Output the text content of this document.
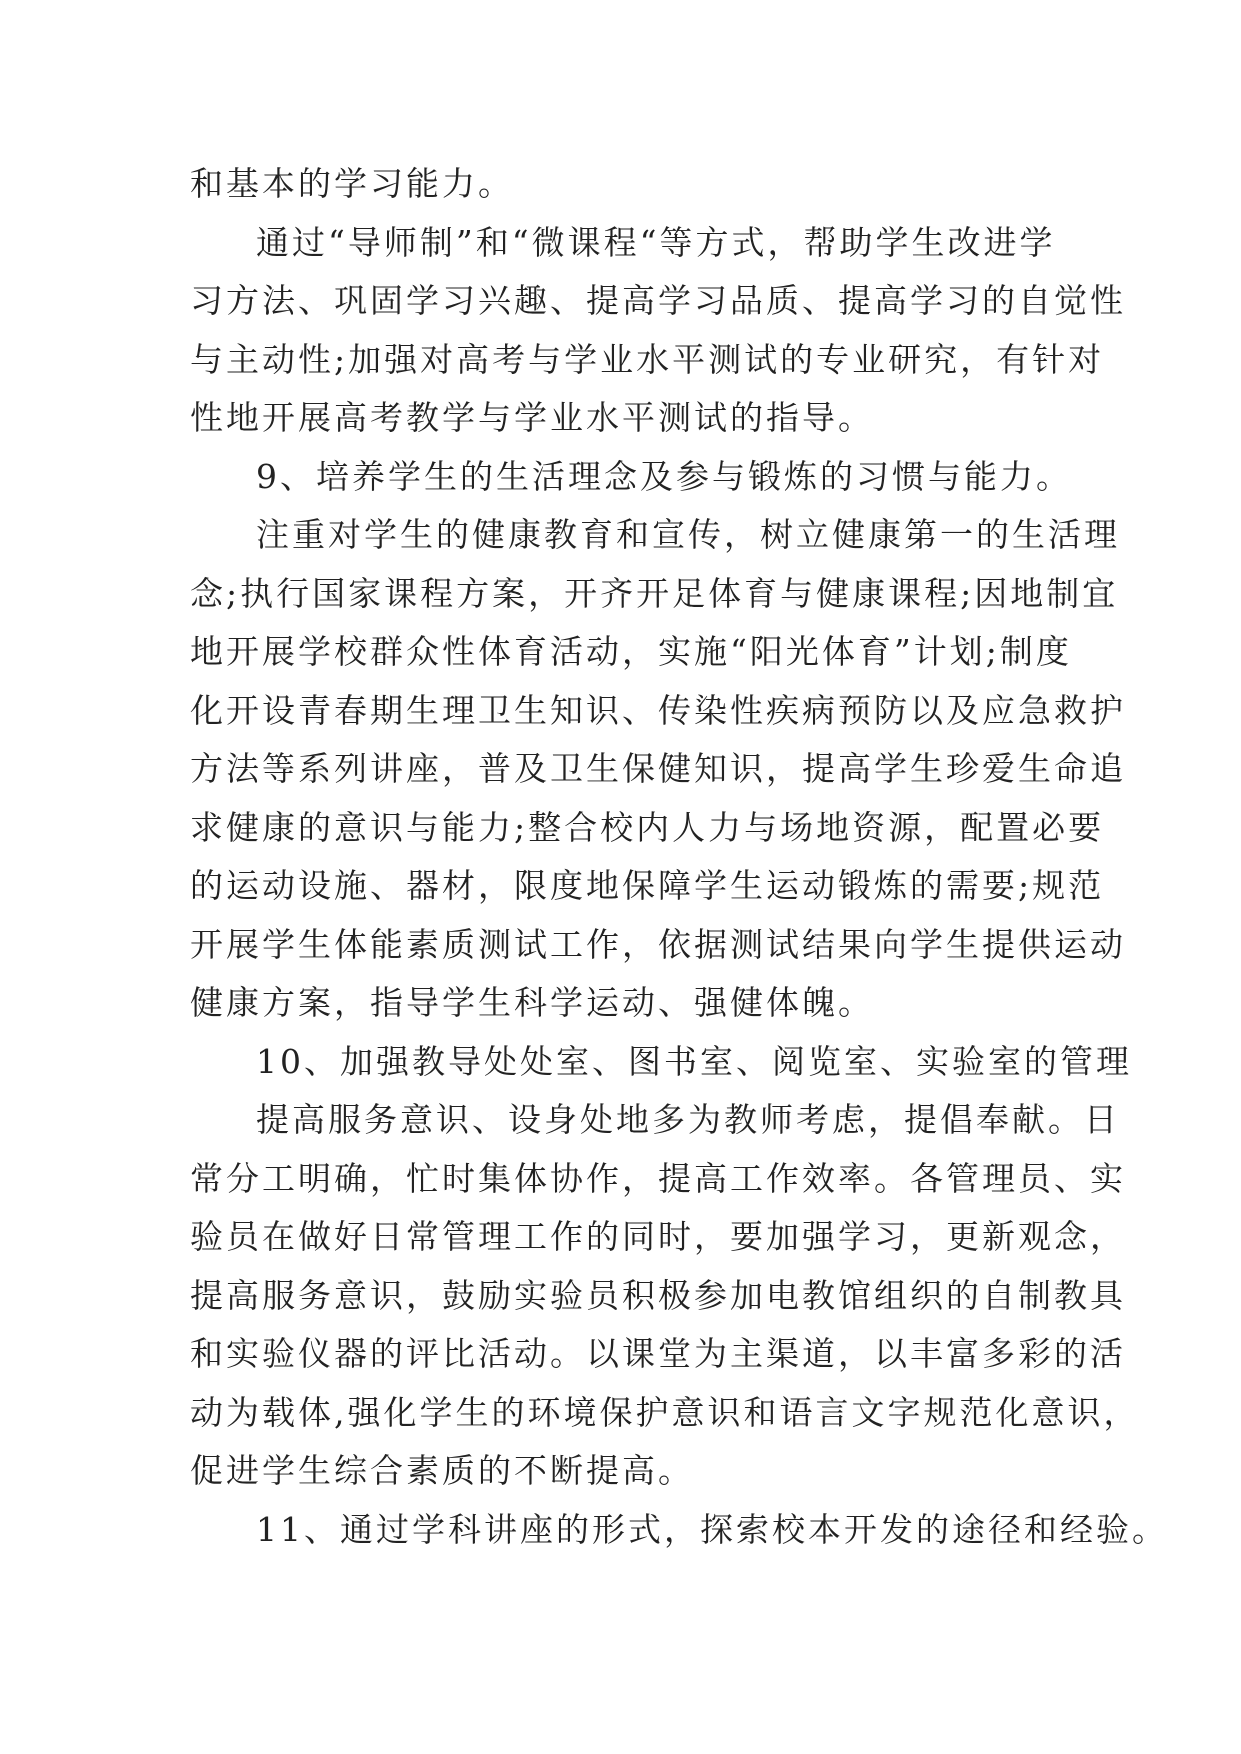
和基本的学习能力。
通过“导师制”和“微课程“等方式，帮助学生改进学
习方法、巩固学习兴趣、提高学习品质、提高学习的自觉性
与主动性;加强对高考与学业水平测试的专业研究，有针对
性地开展高考教学与学业水平测试的指导。
9、培养学生的生活理念及参与锻炼的习惯与能力。
注重对学生的健康教育和宣传，树立健康第一的生活理
念;执行国家课程方案，开齐开足体育与健康课程;因地制宜
地开展学校群众性体育活动，实施“阳光体育”计划;制度
化开设青春期生理卫生知识、传染性疾病预防以及应急救护
方法等系列讲座，普及卫生保健知识，提高学生珍爱生命追
求健康的意识与能力;整合校内人力与场地资源，配置必要
的运动设施、器材，限度地保障学生运动锻炼的需要;规范
开展学生体能素质测试工作，依据测试结果向学生提供运动
健康方案，指导学生科学运动、强健体魄。
10、加强教导处处室、图书室、阅览室、实验室的管理
提高服务意识、设身处地多为教师考虑，提倡奉献。日
常分工明确，忙时集体协作，提高工作效率。各管理员、实
验员在做好日常管理工作的同时，要加强学习，更新观念，
提高服务意识，鼓励实验员积极参加电教馆组织的自制教具
和实验仪器的评比活动。以课堂为主渠道，以丰富多彩的活
动为载体,强化学生的环境保护意识和语言文字规范化意识，
促进学生综合素质的不断提高。
11、通过学科讲座的形式，探索校本开发的途径和经验。
